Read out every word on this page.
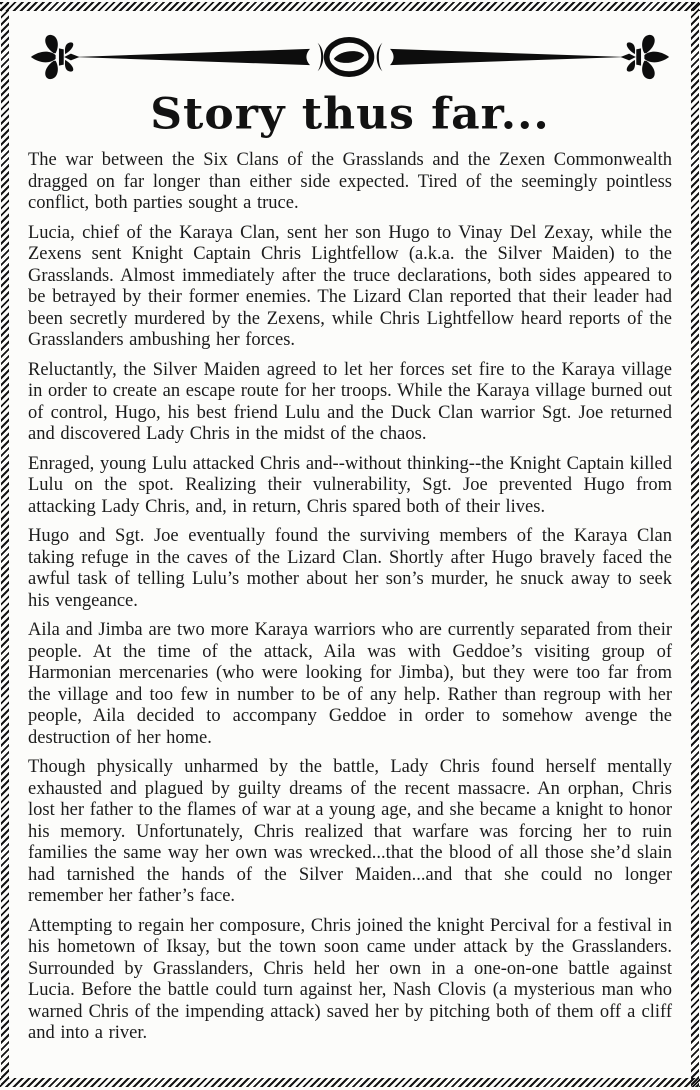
Story thus far...

The war between the Six Clans of the Grasslands and the Zexen Commonwealth dragged on far longer than either side expected. Tired of the seemingly pointless conflict, both parties sought a truce.

Lucia, chief of the Karaya Clan, sent her son Hugo to Vinay Del Zexay, while the Zexens sent Knight Captain Chris Lightfellow (a.k.a. the Silver Maiden) to the Grasslands. Almost immediately after the truce declarations, both sides appeared to be betrayed by their former enemies. The Lizard Clan reported that their leader had been secretly murdered by the Zexens, while Chris Lightfellow heard reports of the Grasslanders ambushing her forces.

Reluctantly, the Silver Maiden agreed to let her forces set fire to the Karaya village in order to create an escape route for her troops. While the Karaya village burned out of control, Hugo, his best friend Lulu and the Duck Clan warrior Sgt. Joe returned and discovered Lady Chris in the midst of the chaos.

Enraged, young Lulu attacked Chris and--without thinking--the Knight Captain killed Lulu on the spot. Realizing their vulnerability, Sgt. Joe prevented Hugo from attacking Lady Chris, and, in return, Chris spared both of their lives.

Hugo and Sgt. Joe eventually found the surviving members of the Karaya Clan taking refuge in the caves of the Lizard Clan. Shortly after Hugo bravely faced the awful task of telling Lulu’s mother about her son’s murder, he snuck away to seek his vengeance.

Aila and Jimba are two more Karaya warriors who are currently separated from their people. At the time of the attack, Aila was with Geddoe’s visiting group of Harmonian mercenaries (who were looking for Jimba), but they were too far from the village and too few in number to be of any help. Rather than regroup with her people, Aila decided to accompany Geddoe in order to somehow avenge the destruction of her home.

Though physically unharmed by the battle, Lady Chris found herself mentally exhausted and plagued by guilty dreams of the recent massacre. An orphan, Chris lost her father to the flames of war at a young age, and she became a knight to honor his memory. Unfortunately, Chris realized that warfare was forcing her to ruin families the same way her own was wrecked...that the blood of all those she’d slain had tarnished the hands of the Silver Maiden...and that she could no longer remember her father’s face.

Attempting to regain her composure, Chris joined the knight Percival for a festival in his hometown of Iksay, but the town soon came under attack by the Grasslanders. Surrounded by Grasslanders, Chris held her own in a one-on-one battle against Lucia. Before the battle could turn against her, Nash Clovis (a mysterious man who warned Chris of the impending attack) saved her by pitching both of them off a cliff and into a river.
